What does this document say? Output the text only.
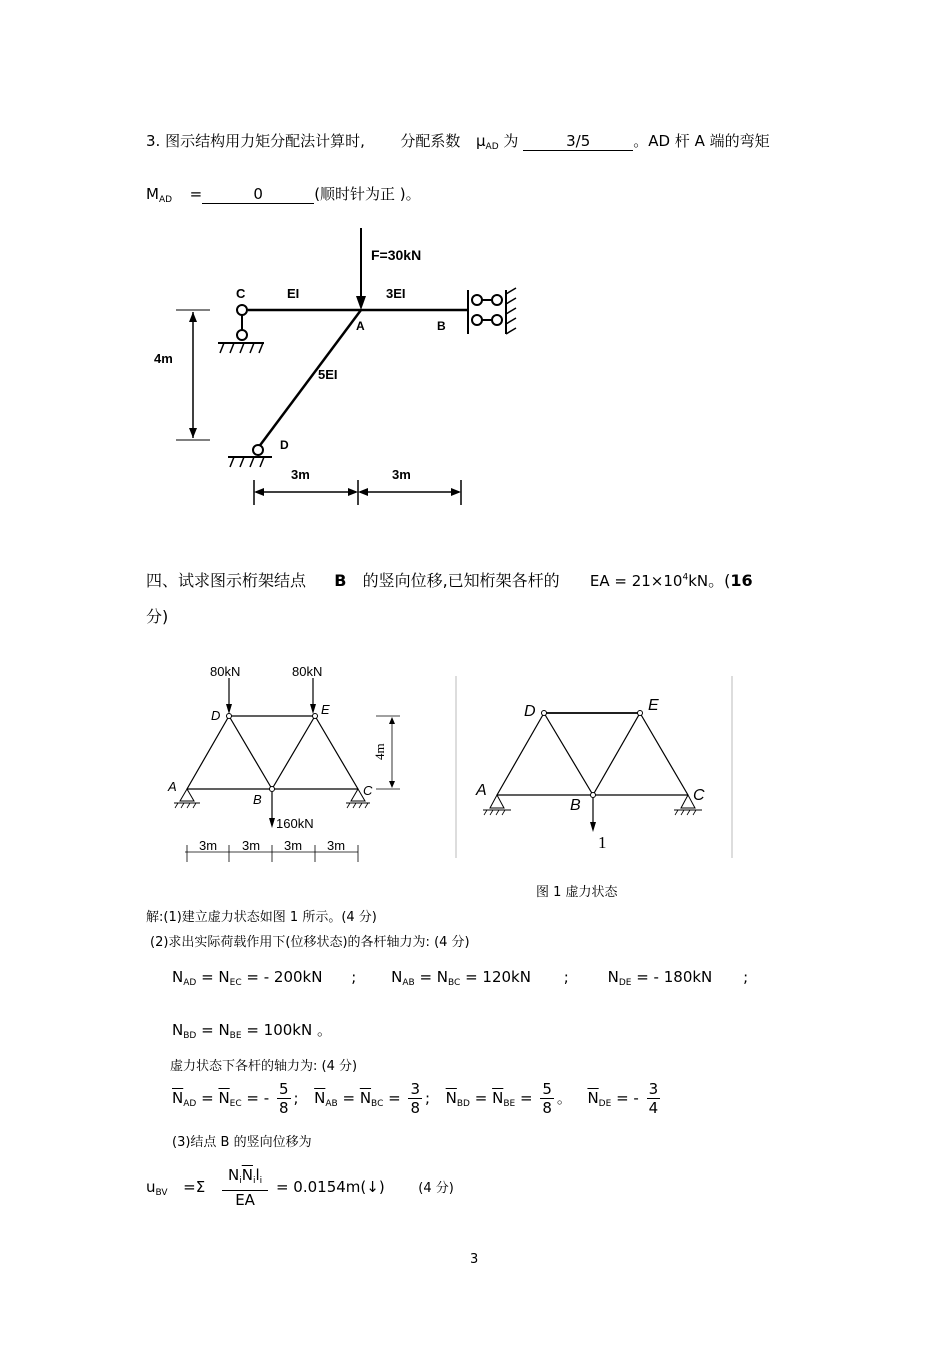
3. 图示结构用力矩分配法计算时, 分配系数 $\mu_{AD}$ 为	3/5	。AD 杆 A 端的弯矩
$M_{AD}$ =	0	(顺时针为正 )。
F=30kN
C	EI	3EI
A	B
4m
5EI
D
3m	3m
四、试求图示桁架结点 B 的竖向位移,已知桁架各杆的 EA = $21\times 10^4kN$。(16
分)
80kN	80kN
160kN
D	E
A
B
C
3m 3m 3m 3m
4m
D	E
A
B
C
1
图 1 虚力状态
解:(1)建立虚力状态如图 1 所示。(4 分)
(2)求出实际荷载作用下(位移状态)的各杆轴力为: (4 分)
$N_{AD} = N_{EC}$ = - 200kN ; $N_{AB} = N_{BC} = 120kN$ ;	$N_{DE}$ = - 180kN ;
$N_{BD} = N_{BE} = 100kN$ 。
虚力状态下各杆的轴力为: (4 分)
$\overline{N}_{AD} = \overline{N}_{EC}$ = - $\frac{5}{8}$ ; $\overline{N}_{AB} = \overline{N}_{BC} = \frac{3}{8}$ ; $\overline{N}_{BD} = \overline{N}_{BE} = \frac{5}{8}$ 。 $\overline{N}_{DE}$ = - $\frac{3}{4}$
(3)结点 B 的竖向位移为
$u_{BV} =\Sigma \frac{N_i\overline{N}_il_i}{EA}$ = 0.0154m(↓)	(4 分)
3
